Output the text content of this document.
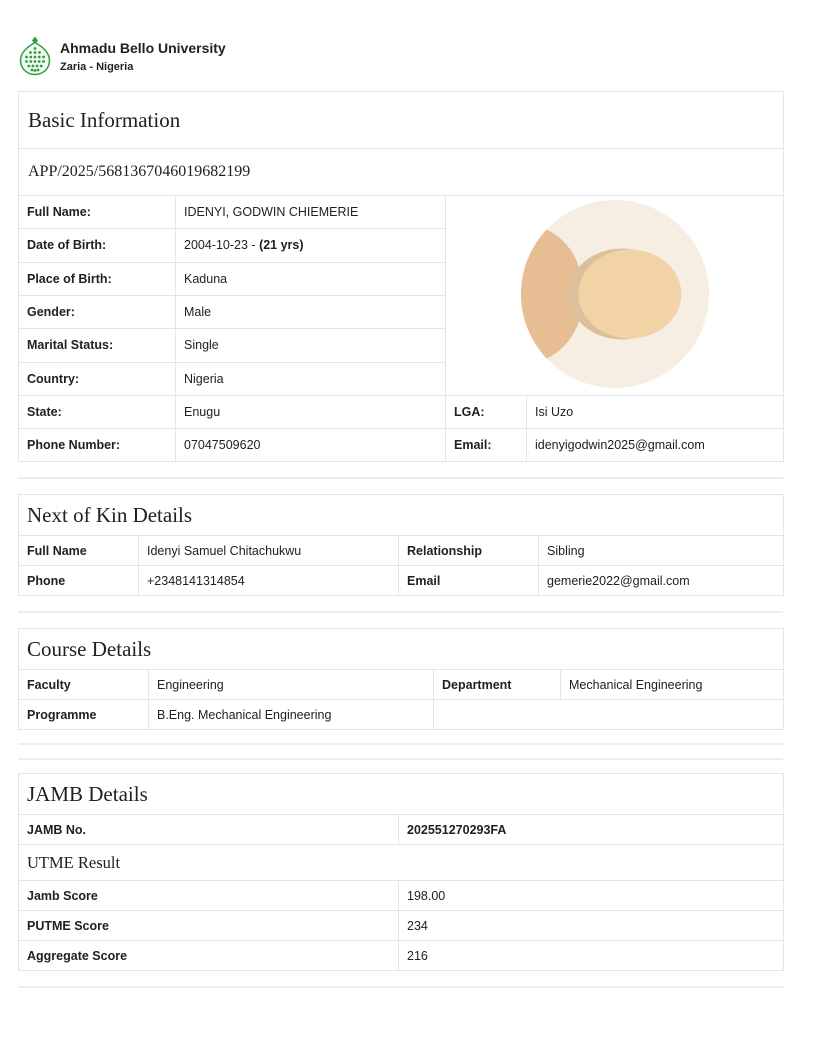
Ahmadu Bello University
Zaria - Nigeria
Basic Information			
APP/2025/5681367046019682199			
Full Name:	IDENYI, GODWIN CHIEMERIE	
Date of Birth:	2004-10-23 - (21 yrs)		
Place of Birth:	Kaduna		
Gender:	Male		
Marital Status:	Single		
Country:	Nigeria		
State:	Enugu	LGA:	Isi Uzo
Phone Number:	07047509620	Email:	idenyigodwin2025@gmail.com
Next of Kin Details			
Full Name	Idenyi Samuel Chitachukwu	Relationship	Sibling
Phone	+2348141314854	Email	gemerie2022@gmail.com
Course Details			
Faculty	Engineering	Department	Mechanical Engineering
Programme	B.Eng. Mechanical Engineering		
JAMB Details	
JAMB No.	202551270293FA
UTME Result	
Jamb Score	198.00
PUTME Score	234
Aggregate Score	216
